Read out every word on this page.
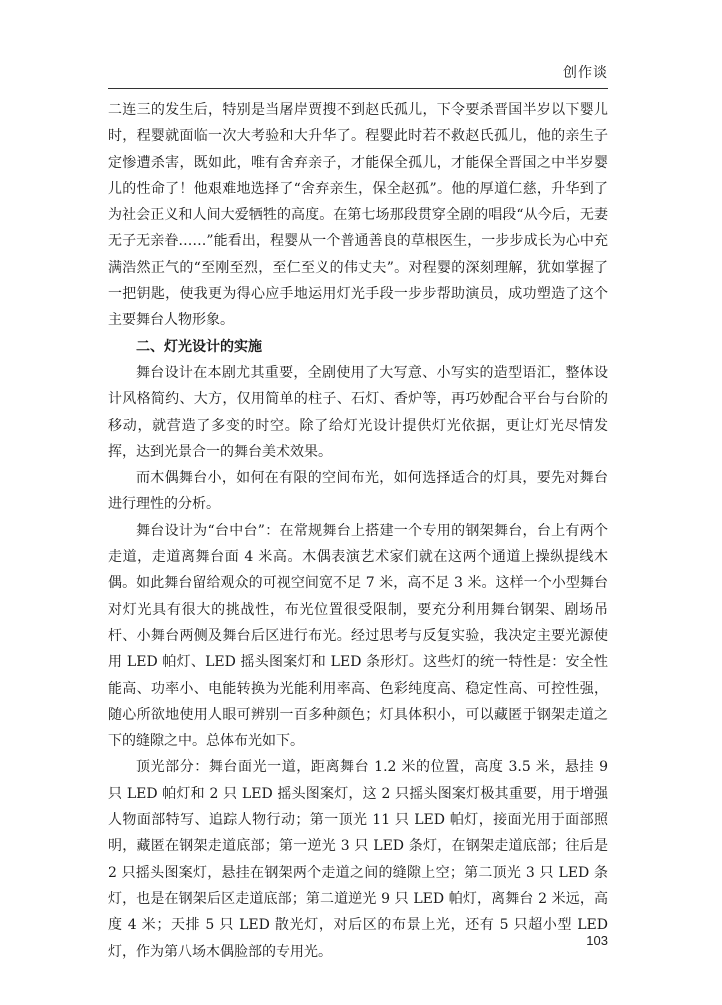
创作谈

二连三的发生后，特别是当屠岸贾搜不到赵氏孤儿，下令要杀晋国半岁以下婴儿时，程婴就面临一次大考验和大升华了。程婴此时若不救赵氏孤儿，他的亲生子定惨遭杀害，既如此，唯有舍弃亲子，才能保全孤儿，才能保全晋国之中半岁婴儿的性命了！他艰难地选择了“舍弃亲生，保全赵孤”。他的厚道仁慈，升华到了为社会正义和人间大爱牺牲的高度。在第七场那段贯穿全剧的唱段“从今后，无妻无子无亲眷……”能看出，程婴从一个普通善良的草根医生，一步步成长为心中充满浩然正气的“至刚至烈，至仁至义的伟丈夫”。对程婴的深刻理解，犹如掌握了一把钥匙，使我更为得心应手地运用灯光手段一步步帮助演员，成功塑造了这个主要舞台人物形象。

二、灯光设计的实施

舞台设计在本剧尤其重要，全剧使用了大写意、小写实的造型语汇，整体设计风格简约、大方，仅用简单的柱子、石灯、香炉等，再巧妙配合平台与台阶的移动，就营造了多变的时空。除了给灯光设计提供灯光依据，更让灯光尽情发挥，达到光景合一的舞台美术效果。

而木偶舞台小，如何在有限的空间布光，如何选择适合的灯具，要先对舞台进行理性的分析。

舞台设计为“台中台”：在常规舞台上搭建一个专用的钢架舞台，台上有两个走道，走道离舞台面 4 米高。木偶表演艺术家们就在这两个通道上操纵提线木偶。如此舞台留给观众的可视空间宽不足 7 米，高不足 3 米。这样一个小型舞台对灯光具有很大的挑战性，布光位置很受限制，要充分利用舞台钢架、剧场吊杆、小舞台两侧及舞台后区进行布光。经过思考与反复实验，我决定主要光源使用 LED 帕灯、LED 摇头图案灯和 LED 条形灯。这些灯的统一特性是：安全性能高、功率小、电能转换为光能利用率高、色彩纯度高、稳定性高、可控性强，随心所欲地使用人眼可辨别一百多种颜色；灯具体积小，可以藏匿于钢架走道之下的缝隙之中。总体布光如下。

顶光部分：舞台面光一道，距离舞台 1.2 米的位置，高度 3.5 米，悬挂 9 只 LED 帕灯和 2 只 LED 摇头图案灯，这 2 只摇头图案灯极其重要，用于增强人物面部特写、追踪人物行动；第一顶光 11 只 LED 帕灯，接面光用于面部照明，藏匿在钢架走道底部；第一逆光 3 只 LED 条灯，在钢架走道底部；往后是 2 只摇头图案灯，悬挂在钢架两个走道之间的缝隙上空；第二顶光 3 只 LED 条灯，也是在钢架后区走道底部；第二道逆光 9 只 LED 帕灯，离舞台 2 米远，高度 4 米；天排 5 只 LED 散光灯，对后区的布景上光，还有 5 只超小型 LED 灯，作为第八场木偶脸部的专用光。

103
